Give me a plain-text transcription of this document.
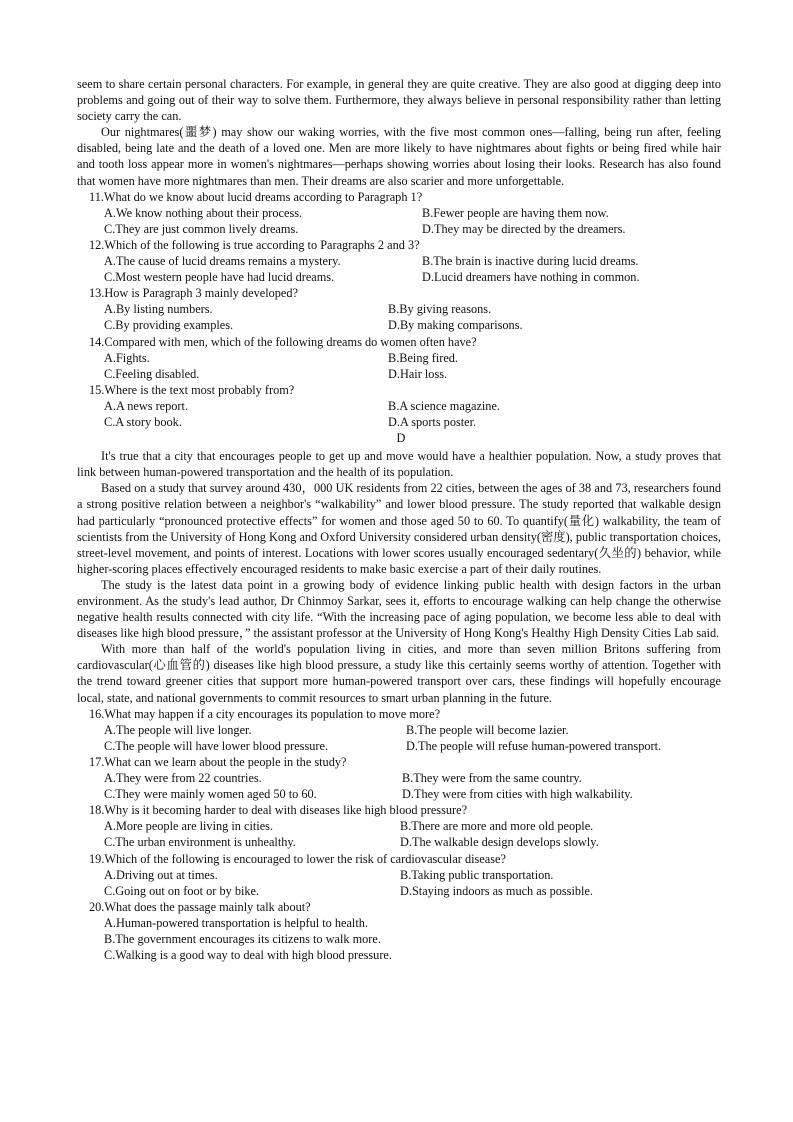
seem to share certain personal characters. For example, in general they are quite creative. They are also good at digging deep into problems and going out of their way to solve them. Furthermore, they always believe in personal responsibility rather than letting society carry the can.

Our nightmares(噩梦) may show our waking worries, with the five most common ones—falling, being run after, feeling disabled, being late and the death of a loved one. Men are more likely to have nightmares about fights or being fired while hair and tooth loss appear more in women's nightmares—perhaps showing worries about losing their looks. Research has also found that women have more nightmares than men. Their dreams are also scarier and more unforgettable.

11.What do we know about lucid dreams according to Paragraph 1?

A.We know nothing about their process.	B.Fewer people are having them now.
C.They are just common lively dreams.	D.They may be directed by the dreamers.

12.Which of the following is true according to Paragraphs 2 and 3?

A.The cause of lucid dreams remains a mystery.	B.The brain is inactive during lucid dreams.
C.Most western people have had lucid dreams.	D.Lucid dreamers have nothing in common.

13.How is Paragraph 3 mainly developed?

A.By listing numbers.	B.By giving reasons.
C.By providing examples.	D.By making comparisons.

14.Compared with men, which of the following dreams do women often have?

A.Fights.	B.Being fired.
C.Feeling disabled.	D.Hair loss.

15.Where is the text most probably from?

A.A news report.	B.A science magazine.
C.A story book.	D.A sports poster.

D

It's true that a city that encourages people to get up and move would have a healthier population. Now, a study proves that link between human-powered transportation and the health of its population.

Based on a study that survey around 430，000 UK residents from 22 cities, between the ages of 38 and 73, researchers found a strong positive relation between a neighbor's “walkability” and lower blood pressure. The study reported that walkable design had particularly “pronounced protective effects” for women and those aged 50 to 60. To quantify(量化) walkability, the team of scientists from the University of Hong Kong and Oxford University considered urban density(密度), public transportation choices, street-level movement, and points of interest. Locations with lower scores usually encouraged sedentary(久坐的) behavior, while higher-scoring places effectively encouraged residents to make basic exercise a part of their daily routines.

The study is the latest data point in a growing body of evidence linking public health with design factors in the urban environment. As the study's lead author, Dr Chinmoy Sarkar, sees it, efforts to encourage walking can help change the otherwise negative health results connected with city life. “With the increasing pace of aging population, we become less able to deal with diseases like high blood pressure，” the assistant professor at the University of Hong Kong's Healthy High Density Cities Lab said.

With more than half of the world's population living in cities, and more than seven million Britons suffering from cardiovascular(心血管的) diseases like high blood pressure, a study like this certainly seems worthy of attention. Together with the trend toward greener cities that support more human-powered transport over cars, these findings will hopefully encourage local, state, and national governments to commit resources to smart urban planning in the future.

16.What may happen if a city encourages its population to move more?

A.The people will live longer.	B.The people will become lazier.
C.The people will have lower blood pressure.	D.The people will refuse human-powered transport.

17.What can we learn about the people in the study?

A.They were from 22 countries.	B.They were from the same country.
C.They were mainly women aged 50 to 60.	D.They were from cities with high walkability.

18.Why is it becoming harder to deal with diseases like high blood pressure?

A.More people are living in cities.	B.There are more and more old people.
C.The urban environment is unhealthy.	D.The walkable design develops slowly.

19.Which of the following is encouraged to lower the risk of cardiovascular disease?

A.Driving out at times.	B.Taking public transportation.
C.Going out on foot or by bike.	D.Staying indoors as much as possible.

20.What does the passage mainly talk about?

A.Human-powered transportation is helpful to health.

B.The government encourages its citizens to walk more.

C.Walking is a good way to deal with high blood pressure.
